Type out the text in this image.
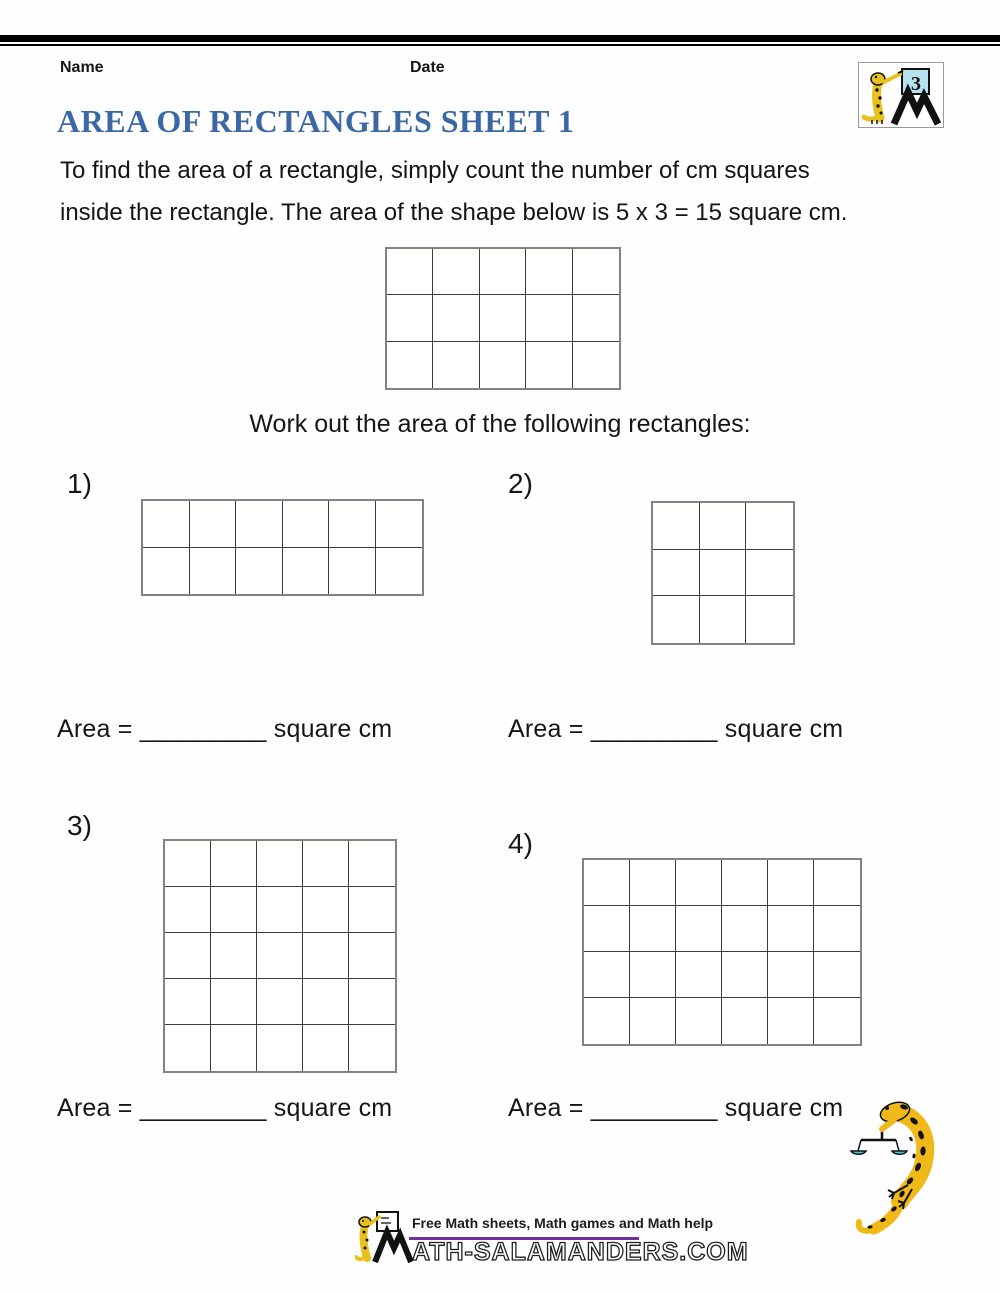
Name	Date
3
AREA OF RECTANGLES SHEET 1
To find the area of a rectangle, simply count the number of cm squares
inside the rectangle. The area of the shape below is 5 x 3 = 15 square cm.
Work out the area of the following rectangles:
1)	2)
Area = _________ square cm	Area = _________ square cm
3)
4)
Area = _________ square cm	Area = _________ square cm
Free Math sheets, Math games and Math help
ATH-SALAMANDERS.COM
